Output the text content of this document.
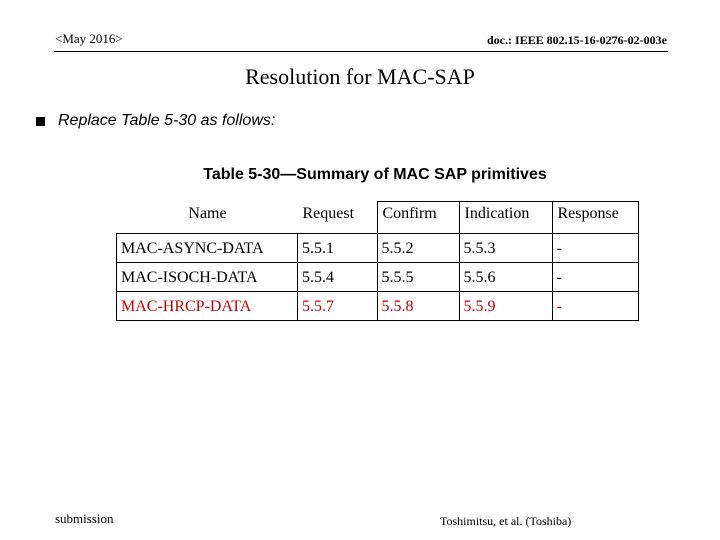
<May 2016>	doc.: IEEE 802.15-16-0276-02-003e
Resolution for MAC-SAP
Replace Table 5-30 as follows:
Table 5-30—Summary of MAC SAP primitives
Name	Request	Confirm	Indication	Response
MAC-ASYNC-DATA	5.5.1	5.5.2	5.5.3	-
MAC-ISOCH-DATA	5.5.4	5.5.5	5.5.6	-
MAC-HRCP-DATA	5.5.7	5.5.8	5.5.9	-
submission	Toshimitsu, et al. (Toshiba)
